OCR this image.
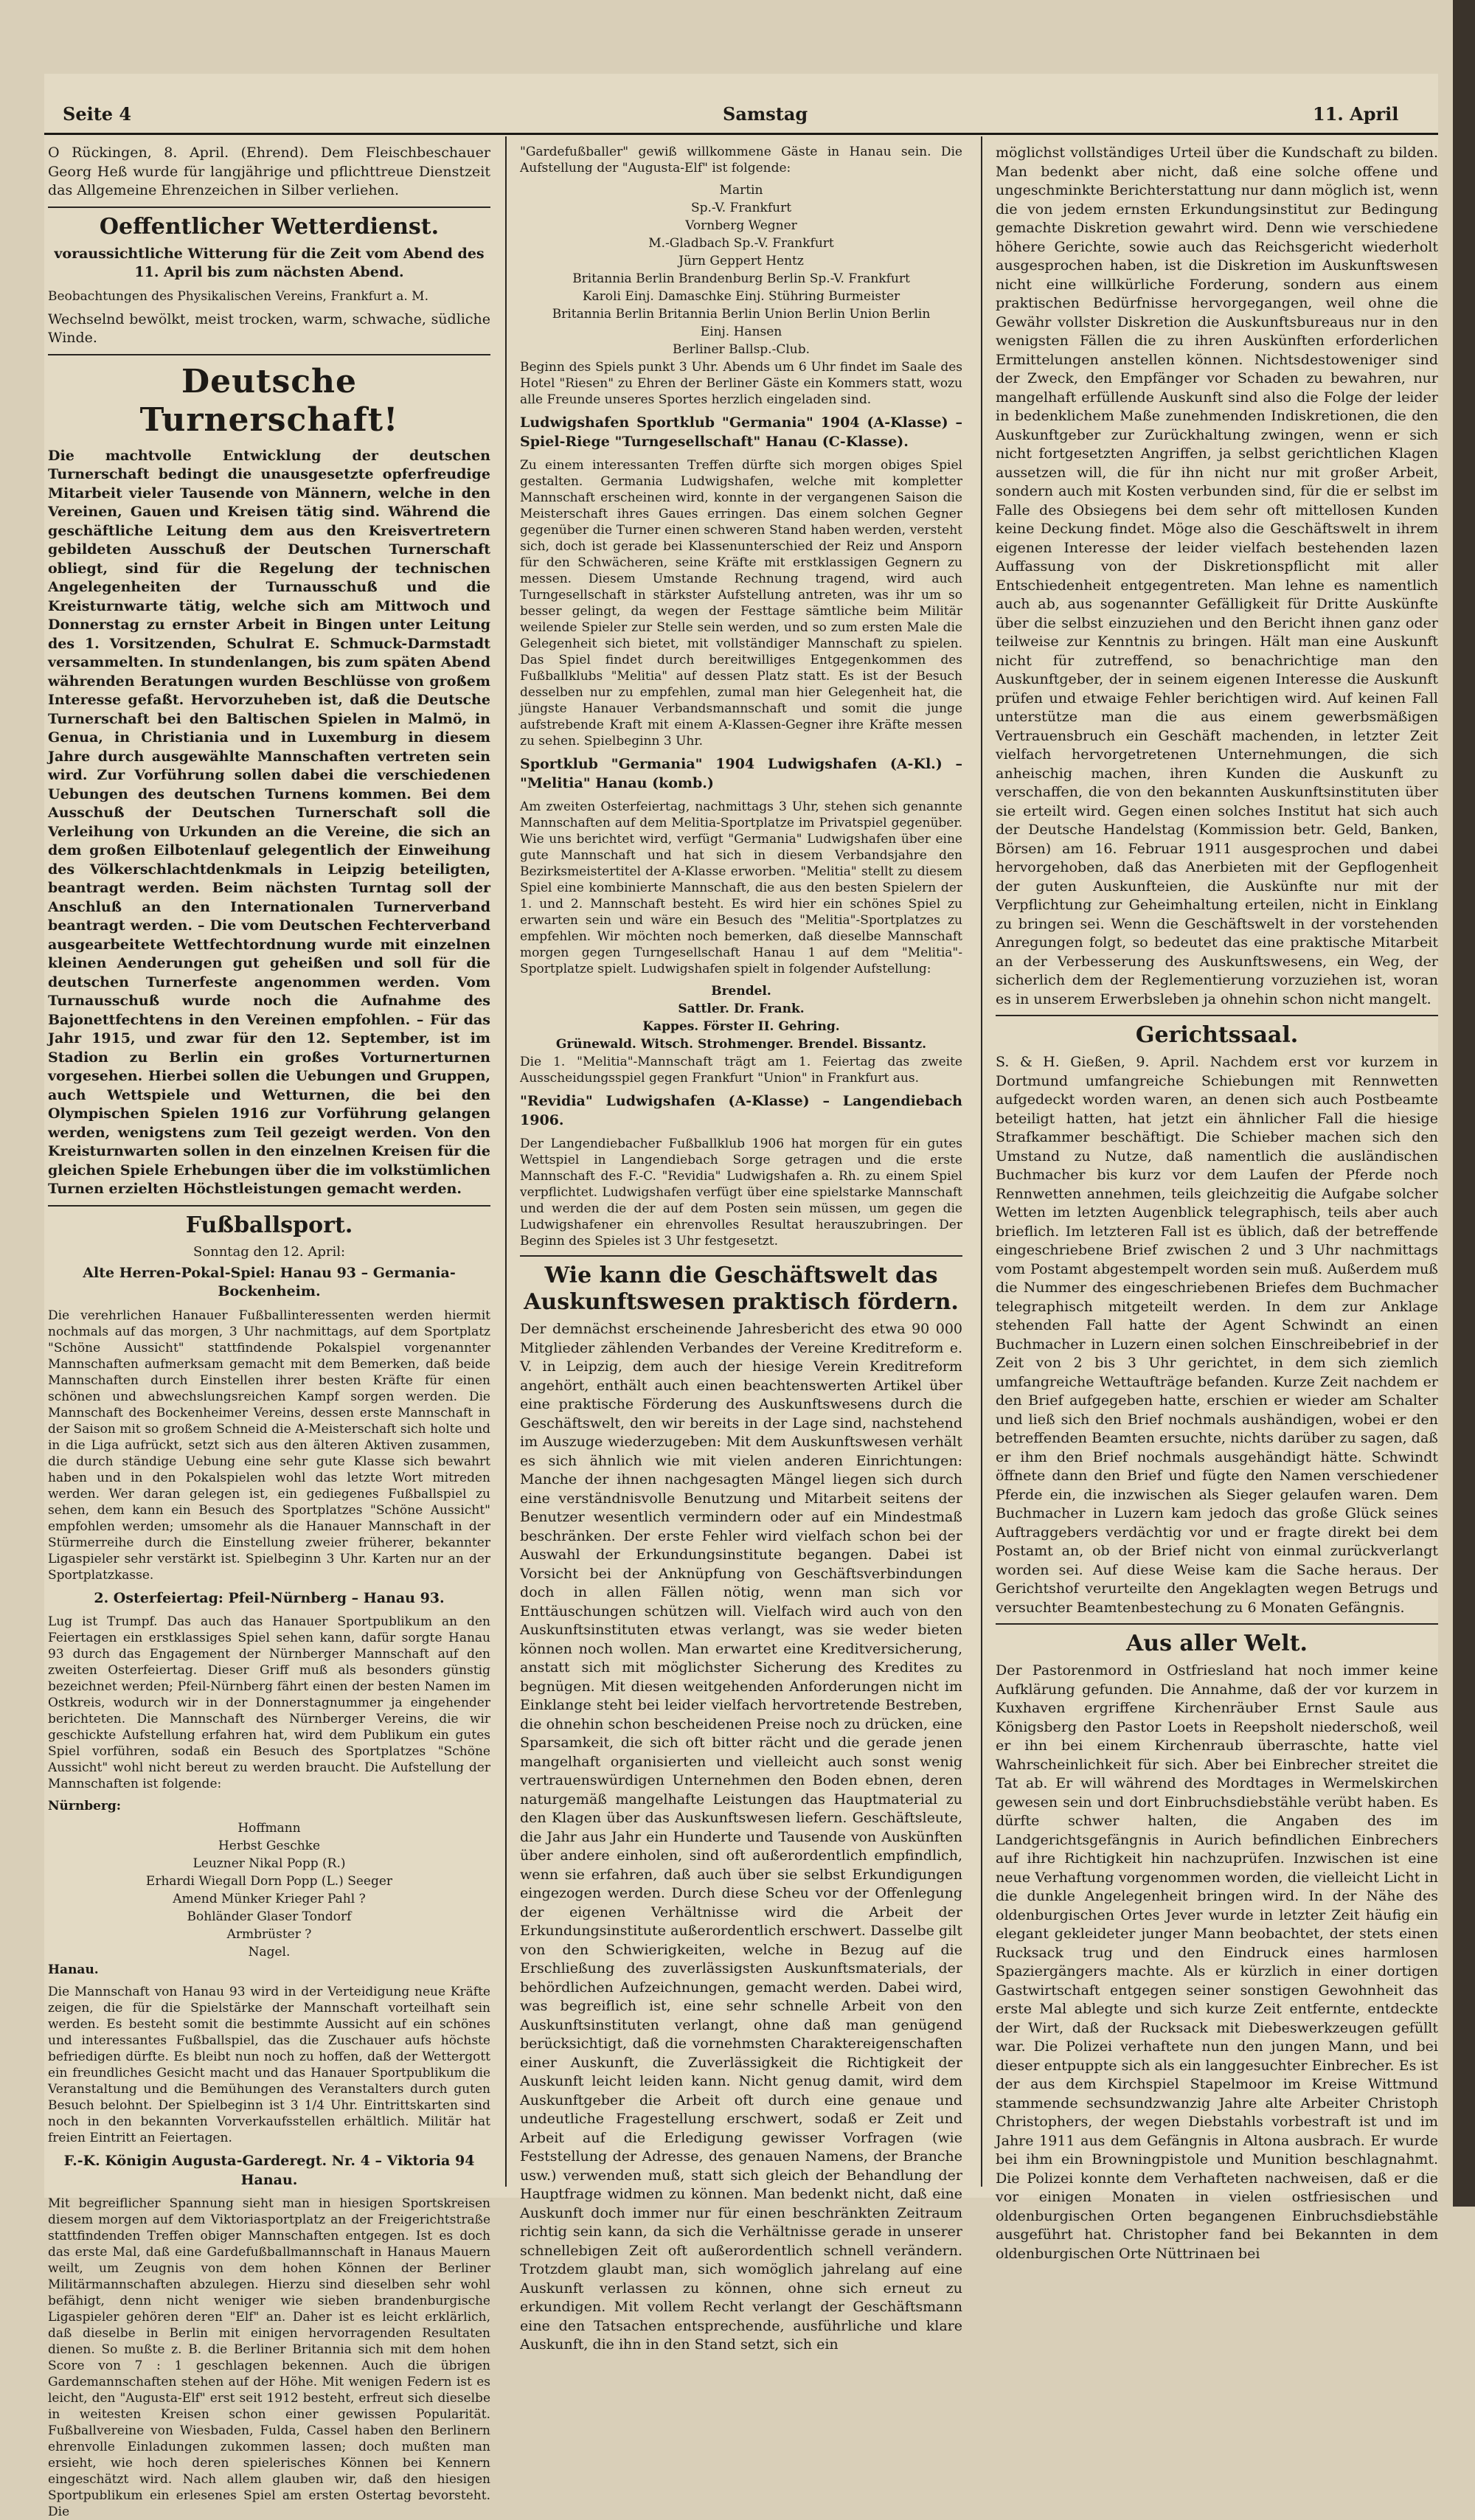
Seite 4	Samstag	11. April

O Rückingen, 8. April. (Ehrend). Dem Fleischbeschauer Georg Heß wurde für langjährige und pflichttreue Dienstzeit das Allgemeine Ehrenzeichen in Silber verliehen.

Oeffentlicher Wetterdienst.

voraussichtliche Witterung für die Zeit vom Abend des 11. April bis zum nächsten Abend.

Beobachtungen des Physikalischen Vereins, Frankfurt a. M.

Wechselnd bewölkt, meist trocken, warm, schwache, südliche Winde.

Deutsche Turnerschaft!

Die machtvolle Entwicklung der deutschen Turnerschaft bedingt die unausgesetzte opferfreudige Mitarbeit vieler Tausende von Männern, welche in den Vereinen, Gauen und Kreisen tätig sind. Während die geschäftliche Leitung dem aus den Kreisvertretern gebildeten Ausschuß der Deutschen Turnerschaft obliegt, sind für die Regelung der technischen Angelegenheiten der Turnausschuß und die Kreisturnwarte tätig, welche sich am Mittwoch und Donnerstag zu ernster Arbeit in Bingen unter Leitung des 1. Vorsitzenden, Schulrat E. Schmuck-Darmstadt versammelten. In stundenlangen, bis zum späten Abend währenden Beratungen wurden Beschlüsse von großem Interesse gefaßt. Hervorzuheben ist, daß die Deutsche Turnerschaft bei den Baltischen Spielen in Malmö, in Genua, in Christiania und in Luxemburg in diesem Jahre durch ausgewählte Mannschaften vertreten sein wird. Zur Vorführung sollen dabei die verschiedenen Uebungen des deutschen Turnens kommen. Bei dem Ausschuß der Deutschen Turnerschaft soll die Verleihung von Urkunden an die Vereine, die sich an dem großen Eilbotenlauf gelegentlich der Einweihung des Völkerschlachtdenkmals in Leipzig beteiligten, beantragt werden. Beim nächsten Turntag soll der Anschluß an den Internationalen Turnerverband beantragt werden. – Die vom Deutschen Fechterverband ausgearbeitete Wettfechtordnung wurde mit einzelnen kleinen Aenderungen gut geheißen und soll für die deutschen Turnerfeste angenommen werden. Vom Turnausschuß wurde noch die Aufnahme des Bajonettfechtens in den Vereinen empfohlen. – Für das Jahr 1915, und zwar für den 12. September, ist im Stadion zu Berlin ein großes Vorturnerturnen vorgesehen. Hierbei sollen die Uebungen und Gruppen, auch Wettspiele und Wetturnen, die bei den Olympischen Spielen 1916 zur Vorführung gelangen werden, wenigstens zum Teil gezeigt werden. Von den Kreisturnwarten sollen in den einzelnen Kreisen für die gleichen Spiele Erhebungen über die im volkstümlichen Turnen erzielten Höchstleistungen gemacht werden.

Fußballsport.
Sonntag den 12. April:

Alte Herren-Pokal-Spiel: Hanau 93 – Germania-Bockenheim.

Die verehrlichen Hanauer Fußballinteressenten werden hiermit nochmals auf das morgen, 3 Uhr nachmittags, auf dem Sportplatz "Schöne Aussicht" stattfindende Pokalspiel vorgenannter Mannschaften aufmerksam gemacht mit dem Bemerken, daß beide Mannschaften durch Einstellen ihrer besten Kräfte für einen schönen und abwechslungsreichen Kampf sorgen werden. Die Mannschaft des Bockenheimer Vereins, dessen erste Mannschaft in der Saison mit so großem Schneid die A-Meisterschaft sich holte und in die Liga aufrückt, setzt sich aus den älteren Aktiven zusammen, die durch ständige Uebung eine sehr gute Klasse sich bewahrt haben und in den Pokalspielen wohl das letzte Wort mitreden werden. Wer daran gelegen ist, ein gediegenes Fußballspiel zu sehen, dem kann ein Besuch des Sportplatzes "Schöne Aussicht" empfohlen werden; umsomehr als die Hanauer Mannschaft in der Stürmerreihe durch die Einstellung zweier früherer, bekannter Ligaspieler sehr verstärkt ist. Spielbeginn 3 Uhr. Karten nur an der Sportplatzkasse.

2. Osterfeiertag: Pfeil-Nürnberg – Hanau 93.

Lug ist Trumpf. Das auch das Hanauer Sportpublikum an den Feiertagen ein erstklassiges Spiel sehen kann, dafür sorgte Hanau 93 durch das Engagement der Nürnberger Mannschaft auf den zweiten Osterfeiertag. Dieser Griff muß als besonders günstig bezeichnet werden; Pfeil-Nürnberg fährt einen der besten Namen im Ostkreis, wodurch wir in der Donnerstagnummer ja eingehender berichteten. Die Mannschaft des Nürnberger Vereins, die wir geschickte Aufstellung erfahren hat, wird dem Publikum ein gutes Spiel vorführen, sodaß ein Besuch des Sportplatzes "Schöne Aussicht" wohl nicht bereut zu werden braucht. Die Aufstellung der Mannschaften ist folgende:

Nürnberg:

Hoffmann
Herbst Geschke
Leuzner Nikal Popp (R.)
Erhardi Wiegall Dorn Popp (L.) Seeger
Amend Münker Krieger Pahl ?
Bohländer Glaser Tondorf
Armbrüster ?
Nagel.

Hanau.

Die Mannschaft von Hanau 93 wird in der Verteidigung neue Kräfte zeigen, die für die Spielstärke der Mannschaft vorteilhaft sein werden. Es besteht somit die bestimmte Aussicht auf ein schönes und interessantes Fußballspiel, das die Zuschauer aufs höchste befriedigen dürfte. Es bleibt nun noch zu hoffen, daß der Wettergott ein freundliches Gesicht macht und das Hanauer Sportpublikum die Veranstaltung und die Bemühungen des Veranstalters durch guten Besuch belohnt. Der Spielbeginn ist 3 1/4 Uhr. Eintrittskarten sind noch in den bekannten Vorverkaufsstellen erhältlich. Militär hat freien Eintritt an Feiertagen.

F.-K. Königin Augusta-Garderegt. Nr. 4 – Viktoria 94 Hanau.

Mit begreiflicher Spannung sieht man in hiesigen Sportskreisen diesem morgen auf dem Viktoriasportplatz an der Freigerichtstraße stattfindenden Treffen obiger Mannschaften entgegen. Ist es doch das erste Mal, daß eine Gardefußballmannschaft in Hanaus Mauern weilt, um Zeugnis von dem hohen Können der Berliner Militärmannschaften abzulegen. Hierzu sind dieselben sehr wohl befähigt, denn nicht weniger wie sieben brandenburgische Ligaspieler gehören deren "Elf" an. Daher ist es leicht erklärlich, daß dieselbe in Berlin mit einigen hervorragenden Resultaten dienen. So mußte z. B. die Berliner Britannia sich mit dem hohen Score von 7 : 1 geschlagen bekennen. Auch die übrigen Gardemannschaften stehen auf der Höhe. Mit wenigen Federn ist es leicht, den "Augusta-Elf" erst seit 1912 besteht, erfreut sich dieselbe in weitesten Kreisen schon einer gewissen Popularität. Fußballvereine von Wiesbaden, Fulda, Cassel haben den Berlinern ehrenvolle Einladungen zukommen lassen; doch mußten man ersieht, wie hoch deren spielerisches Können bei Kennern eingeschätzt wird. Nach allem glauben wir, daß den hiesigen Sportpublikum ein erlesenes Spiel am ersten Ostertag bevorsteht. Die

"Gardefußballer" gewiß willkommene Gäste in Hanau sein. Die Aufstellung der "Augusta-Elf" ist folgende:

Martin
Sp.-V. Frankfurt
Vornberg Wegner
M.-Gladbach Sp.-V. Frankfurt
Jürn Geppert Hentz
Britannia Berlin Brandenburg Berlin Sp.-V. Frankfurt
Karoli Einj. Damaschke Einj. Stühring Burmeister
Britannia Berlin Britannia Berlin Union Berlin Union Berlin
Einj. Hansen
Berliner Ballsp.-Club.

Beginn des Spiels punkt 3 Uhr. Abends um 6 Uhr findet im Saale des Hotel "Riesen" zu Ehren der Berliner Gäste ein Kommers statt, wozu alle Freunde unseres Sportes herzlich eingeladen sind.

Ludwigshafen Sportklub "Germania" 1904 (A-Klasse) – Spiel-Riege "Turngesellschaft" Hanau (C-Klasse).

Zu einem interessanten Treffen dürfte sich morgen obiges Spiel gestalten. Germania Ludwigshafen, welche mit kompletter Mannschaft erscheinen wird, konnte in der vergangenen Saison die Meisterschaft ihres Gaues erringen. Das einem solchen Gegner gegenüber die Turner einen schweren Stand haben werden, versteht sich, doch ist gerade bei Klassenunterschied der Reiz und Ansporn für den Schwächeren, seine Kräfte mit erstklassigen Gegnern zu messen. Diesem Umstande Rechnung tragend, wird auch Turngesellschaft in stärkster Aufstellung antreten, was ihr um so besser gelingt, da wegen der Festtage sämtliche beim Militär weilende Spieler zur Stelle sein werden, und so zum ersten Male die Gelegenheit sich bietet, mit vollständiger Mannschaft zu spielen. Das Spiel findet durch bereitwilliges Entgegenkommen des Fußballklubs "Melitia" auf dessen Platz statt. Es ist der Besuch desselben nur zu empfehlen, zumal man hier Gelegenheit hat, die jüngste Hanauer Verbandsmannschaft und somit die junge aufstrebende Kraft mit einem A-Klassen-Gegner ihre Kräfte messen zu sehen. Spielbeginn 3 Uhr.

Sportklub "Germania" 1904 Ludwigshafen (A-Kl.) – "Melitia" Hanau (komb.)

Am zweiten Osterfeiertag, nachmittags 3 Uhr, stehen sich genannte Mannschaften auf dem Melitia-Sportplatze im Privatspiel gegenüber. Wie uns berichtet wird, verfügt "Germania" Ludwigshafen über eine gute Mannschaft und hat sich in diesem Verbandsjahre den Bezirksmeistertitel der A-Klasse erworben. "Melitia" stellt zu diesem Spiel eine kombinierte Mannschaft, die aus den besten Spielern der 1. und 2. Mannschaft besteht. Es wird hier ein schönes Spiel zu erwarten sein und wäre ein Besuch des "Melitia"-Sportplatzes zu empfehlen. Wir möchten noch bemerken, daß dieselbe Mannschaft morgen gegen Turngesellschaft Hanau 1 auf dem "Melitia"-Sportplatze spielt. Ludwigshafen spielt in folgender Aufstellung:

Brendel.
Sattler. Dr. Frank.
Kappes. Förster II. Gehring.
Grünewald. Witsch. Strohmenger. Brendel. Bissantz.

Die 1. "Melitia"-Mannschaft trägt am 1. Feiertag das zweite Ausscheidungsspiel gegen Frankfurt "Union" in Frankfurt aus.

"Revidia" Ludwigshafen (A-Klasse) – Langendiebach 1906.

Der Langendiebacher Fußballklub 1906 hat morgen für ein gutes Wettspiel in Langendiebach Sorge getragen und die erste Mannschaft des F.-C. "Revidia" Ludwigshafen a. Rh. zu einem Spiel verpflichtet. Ludwigshafen verfügt über eine spielstarke Mannschaft und werden die der auf dem Posten sein müssen, um gegen die Ludwigshafener ein ehrenvolles Resultat herauszubringen. Der Beginn des Spieles ist 3 Uhr festgesetzt.

Wie kann die Geschäftswelt das Auskunftswesen praktisch fördern.

Der demnächst erscheinende Jahresbericht des etwa 90 000 Mitglieder zählenden Verbandes der Vereine Kreditreform e. V. in Leipzig, dem auch der hiesige Verein Kreditreform angehört, enthält auch einen beachtenswerten Artikel über eine praktische Förderung des Auskunftswesens durch die Geschäftswelt, den wir bereits in der Lage sind, nachstehend im Auszuge wiederzugeben: Mit dem Auskunftswesen verhält es sich ähnlich wie mit vielen anderen Einrichtungen: Manche der ihnen nachgesagten Mängel liegen sich durch eine verständnisvolle Benutzung und Mitarbeit seitens der Benutzer wesentlich vermindern oder auf ein Mindestmaß beschränken. Der erste Fehler wird vielfach schon bei der Auswahl der Erkundungsinstitute begangen. Dabei ist Vorsicht bei der Anknüpfung von Geschäftsverbindungen doch in allen Fällen nötig, wenn man sich vor Enttäuschungen schützen will. Vielfach wird auch von den Auskunftsinstituten etwas verlangt, was sie weder bieten können noch wollen. Man erwartet eine Kreditversicherung, anstatt sich mit möglichster Sicherung des Kredites zu begnügen. Mit diesen weitgehenden Anforderungen nicht im Einklange steht bei leider vielfach hervortretende Bestreben, die ohnehin schon bescheidenen Preise noch zu drücken, eine Sparsamkeit, die sich oft bitter rächt und die gerade jenen mangelhaft organisierten und vielleicht auch sonst wenig vertrauenswürdigen Unternehmen den Boden ebnen, deren naturgemäß mangelhafte Leistungen das Hauptmaterial zu den Klagen über das Auskunftswesen liefern. Geschäftsleute, die Jahr aus Jahr ein Hunderte und Tausende von Auskünften über andere einholen, sind oft außerordentlich empfindlich, wenn sie erfahren, daß auch über sie selbst Erkundigungen eingezogen werden. Durch diese Scheu vor der Offenlegung der eigenen Verhältnisse wird die Arbeit der Erkundungsinstitute außerordentlich erschwert. Dasselbe gilt von den Schwierigkeiten, welche in Bezug auf die Erschließung des zuverlässigsten Auskunftsmaterials, der behördlichen Aufzeichnungen, gemacht werden. Dabei wird, was begreiflich ist, eine sehr schnelle Arbeit von den Auskunftsinstituten verlangt, ohne daß man genügend berücksichtigt, daß die vornehmsten Charaktereigenschaften einer Auskunft, die Zuverlässigkeit die Richtigkeit der Auskunft leicht leiden kann. Nicht genug damit, wird dem Auskunftgeber die Arbeit oft durch eine genaue und undeutliche Fragestellung erschwert, sodaß er Zeit und Arbeit auf die Erledigung gewisser Vorfragen (wie Feststellung der Adresse, des genauen Namens, der Branche usw.) verwenden muß, statt sich gleich der Behandlung der Hauptfrage widmen zu können. Man bedenkt nicht, daß eine Auskunft doch immer nur für einen beschränkten Zeitraum richtig sein kann, da sich die Verhältnisse gerade in unserer schnellebigen Zeit oft außerordentlich schnell verändern. Trotzdem glaubt man, sich womöglich jahrelang auf eine Auskunft verlassen zu können, ohne sich erneut zu erkundigen. Mit vollem Recht verlangt der Geschäftsmann eine den Tatsachen entsprechende, ausführliche und klare Auskunft, die ihn in den Stand setzt, sich ein

möglichst vollständiges Urteil über die Kundschaft zu bilden. Man bedenkt aber nicht, daß eine solche offene und ungeschminkte Berichterstattung nur dann möglich ist, wenn die von jedem ernsten Erkundungsinstitut zur Bedingung gemachte Diskretion gewahrt wird. Denn wie verschiedene höhere Gerichte, sowie auch das Reichsgericht wiederholt ausgesprochen haben, ist die Diskretion im Auskunftswesen nicht eine willkürliche Forderung, sondern aus einem praktischen Bedürfnisse hervorgegangen, weil ohne die Gewähr vollster Diskretion die Auskunftsbureaus nur in den wenigsten Fällen die zu ihren Auskünften erforderlichen Ermittelungen anstellen können. Nichtsdestoweniger sind der Zweck, den Empfänger vor Schaden zu bewahren, nur mangelhaft erfüllende Auskunft sind also die Folge der leider in bedenklichem Maße zunehmenden Indiskretionen, die den Auskunftgeber zur Zurückhaltung zwingen, wenn er sich nicht fortgesetzten Angriffen, ja selbst gerichtlichen Klagen aussetzen will, die für ihn nicht nur mit großer Arbeit, sondern auch mit Kosten verbunden sind, für die er selbst im Falle des Obsiegens bei dem sehr oft mittellosen Kunden keine Deckung findet. Möge also die Geschäftswelt in ihrem eigenen Interesse der leider vielfach bestehenden lazen Auffassung von der Diskretionspflicht mit aller Entschiedenheit entgegentreten. Man lehne es namentlich auch ab, aus sogenannter Gefälligkeit für Dritte Auskünfte über die selbst einzuziehen und den Bericht ihnen ganz oder teilweise zur Kenntnis zu bringen. Hält man eine Auskunft nicht für zutreffend, so benachrichtige man den Auskunftgeber, der in seinem eigenen Interesse die Auskunft prüfen und etwaige Fehler berichtigen wird. Auf keinen Fall unterstütze man die aus einem gewerbsmäßigen Vertrauensbruch ein Geschäft machenden, in letzter Zeit vielfach hervorgetretenen Unternehmungen, die sich anheischig machen, ihren Kunden die Auskunft zu verschaffen, die von den bekannten Auskunftsinstituten über sie erteilt wird. Gegen einen solches Institut hat sich auch der Deutsche Handelstag (Kommission betr. Geld, Banken, Börsen) am 16. Februar 1911 ausgesprochen und dabei hervorgehoben, daß das Anerbieten mit der Gepflogenheit der guten Auskunfteien, die Auskünfte nur mit der Verpflichtung zur Geheimhaltung erteilen, nicht in Einklang zu bringen sei. Wenn die Geschäftswelt in der vorstehenden Anregungen folgt, so bedeutet das eine praktische Mitarbeit an der Verbesserung des Auskunftswesens, ein Weg, der sicherlich dem der Reglementierung vorzuziehen ist, woran es in unserem Erwerbsleben ja ohnehin schon nicht mangelt.

Gerichtssaal.

S. & H. Gießen, 9. April. Nachdem erst vor kurzem in Dortmund umfangreiche Schiebungen mit Rennwetten aufgedeckt worden waren, an denen sich auch Postbeamte beteiligt hatten, hat jetzt ein ähnlicher Fall die hiesige Strafkammer beschäftigt. Die Schieber machen sich den Umstand zu Nutze, daß namentlich die ausländischen Buchmacher bis kurz vor dem Laufen der Pferde noch Rennwetten annehmen, teils gleichzeitig die Aufgabe solcher Wetten im letzten Augenblick telegraphisch, teils aber auch brieflich. Im letzteren Fall ist es üblich, daß der betreffende eingeschriebene Brief zwischen 2 und 3 Uhr nachmittags vom Postamt abgestempelt worden sein muß. Außerdem muß die Nummer des eingeschriebenen Briefes dem Buchmacher telegraphisch mitgeteilt werden. In dem zur Anklage stehenden Fall hatte der Agent Schwindt an einen Buchmacher in Luzern einen solchen Einschreibebrief in der Zeit von 2 bis 3 Uhr gerichtet, in dem sich ziemlich umfangreiche Wettaufträge befanden. Kurze Zeit nachdem er den Brief aufgegeben hatte, erschien er wieder am Schalter und ließ sich den Brief nochmals aushändigen, wobei er den betreffenden Beamten ersuchte, nichts darüber zu sagen, daß er ihm den Brief nochmals ausgehändigt hätte. Schwindt öffnete dann den Brief und fügte den Namen verschiedener Pferde ein, die inzwischen als Sieger gelaufen waren. Dem Buchmacher in Luzern kam jedoch das große Glück seines Auftraggebers verdächtig vor und er fragte direkt bei dem Postamt an, ob der Brief nicht von einmal zurückverlangt worden sei. Auf diese Weise kam die Sache heraus. Der Gerichtshof verurteilte den Angeklagten wegen Betrugs und versuchter Beamtenbestechung zu 6 Monaten Gefängnis.

Aus aller Welt.

Der Pastorenmord in Ostfriesland hat noch immer keine Aufklärung gefunden. Die Annahme, daß der vor kurzem in Kuxhaven ergriffene Kirchenräuber Ernst Saule aus Königsberg den Pastor Loets in Reepsholt niederschoß, weil er ihn bei einem Kirchenraub überraschte, hatte viel Wahrscheinlichkeit für sich. Aber bei Einbrecher streitet die Tat ab. Er will während des Mordtages in Wermelskirchen gewesen sein und dort Einbruchsdiebstähle verübt haben. Es dürfte schwer halten, die Angaben des im Landgerichtsgefängnis in Aurich befindlichen Einbrechers auf ihre Richtigkeit hin nachzuprüfen. Inzwischen ist eine neue Verhaftung vorgenommen worden, die vielleicht Licht in die dunkle Angelegenheit bringen wird. In der Nähe des oldenburgischen Ortes Jever wurde in letzter Zeit häufig ein elegant gekleideter junger Mann beobachtet, der stets einen Rucksack trug und den Eindruck eines harmlosen Spaziergängers machte. Als er kürzlich in einer dortigen Gastwirtschaft entgegen seiner sonstigen Gewohnheit das erste Mal ablegte und sich kurze Zeit entfernte, entdeckte der Wirt, daß der Rucksack mit Diebeswerkzeugen gefüllt war. Die Polizei verhaftete nun den jungen Mann, und bei dieser entpuppte sich als ein langgesuchter Einbrecher. Es ist der aus dem Kirchspiel Stapelmoor im Kreise Wittmund stammende sechsundzwanzig Jahre alte Arbeiter Christoph Christophers, der wegen Diebstahls vorbestraft ist und im Jahre 1911 aus dem Gefängnis in Altona ausbrach. Er wurde bei ihm ein Browningpistole und Munition beschlagnahmt. Die Polizei konnte dem Verhafteten nachweisen, daß er die vor einigen Monaten in vielen ostfriesischen und oldenburgischen Orten begangenen Einbruchsdiebstähle ausgeführt hat. Christopher fand bei Bekannten in dem oldenburgischen Orte Nüttrinaen bei
